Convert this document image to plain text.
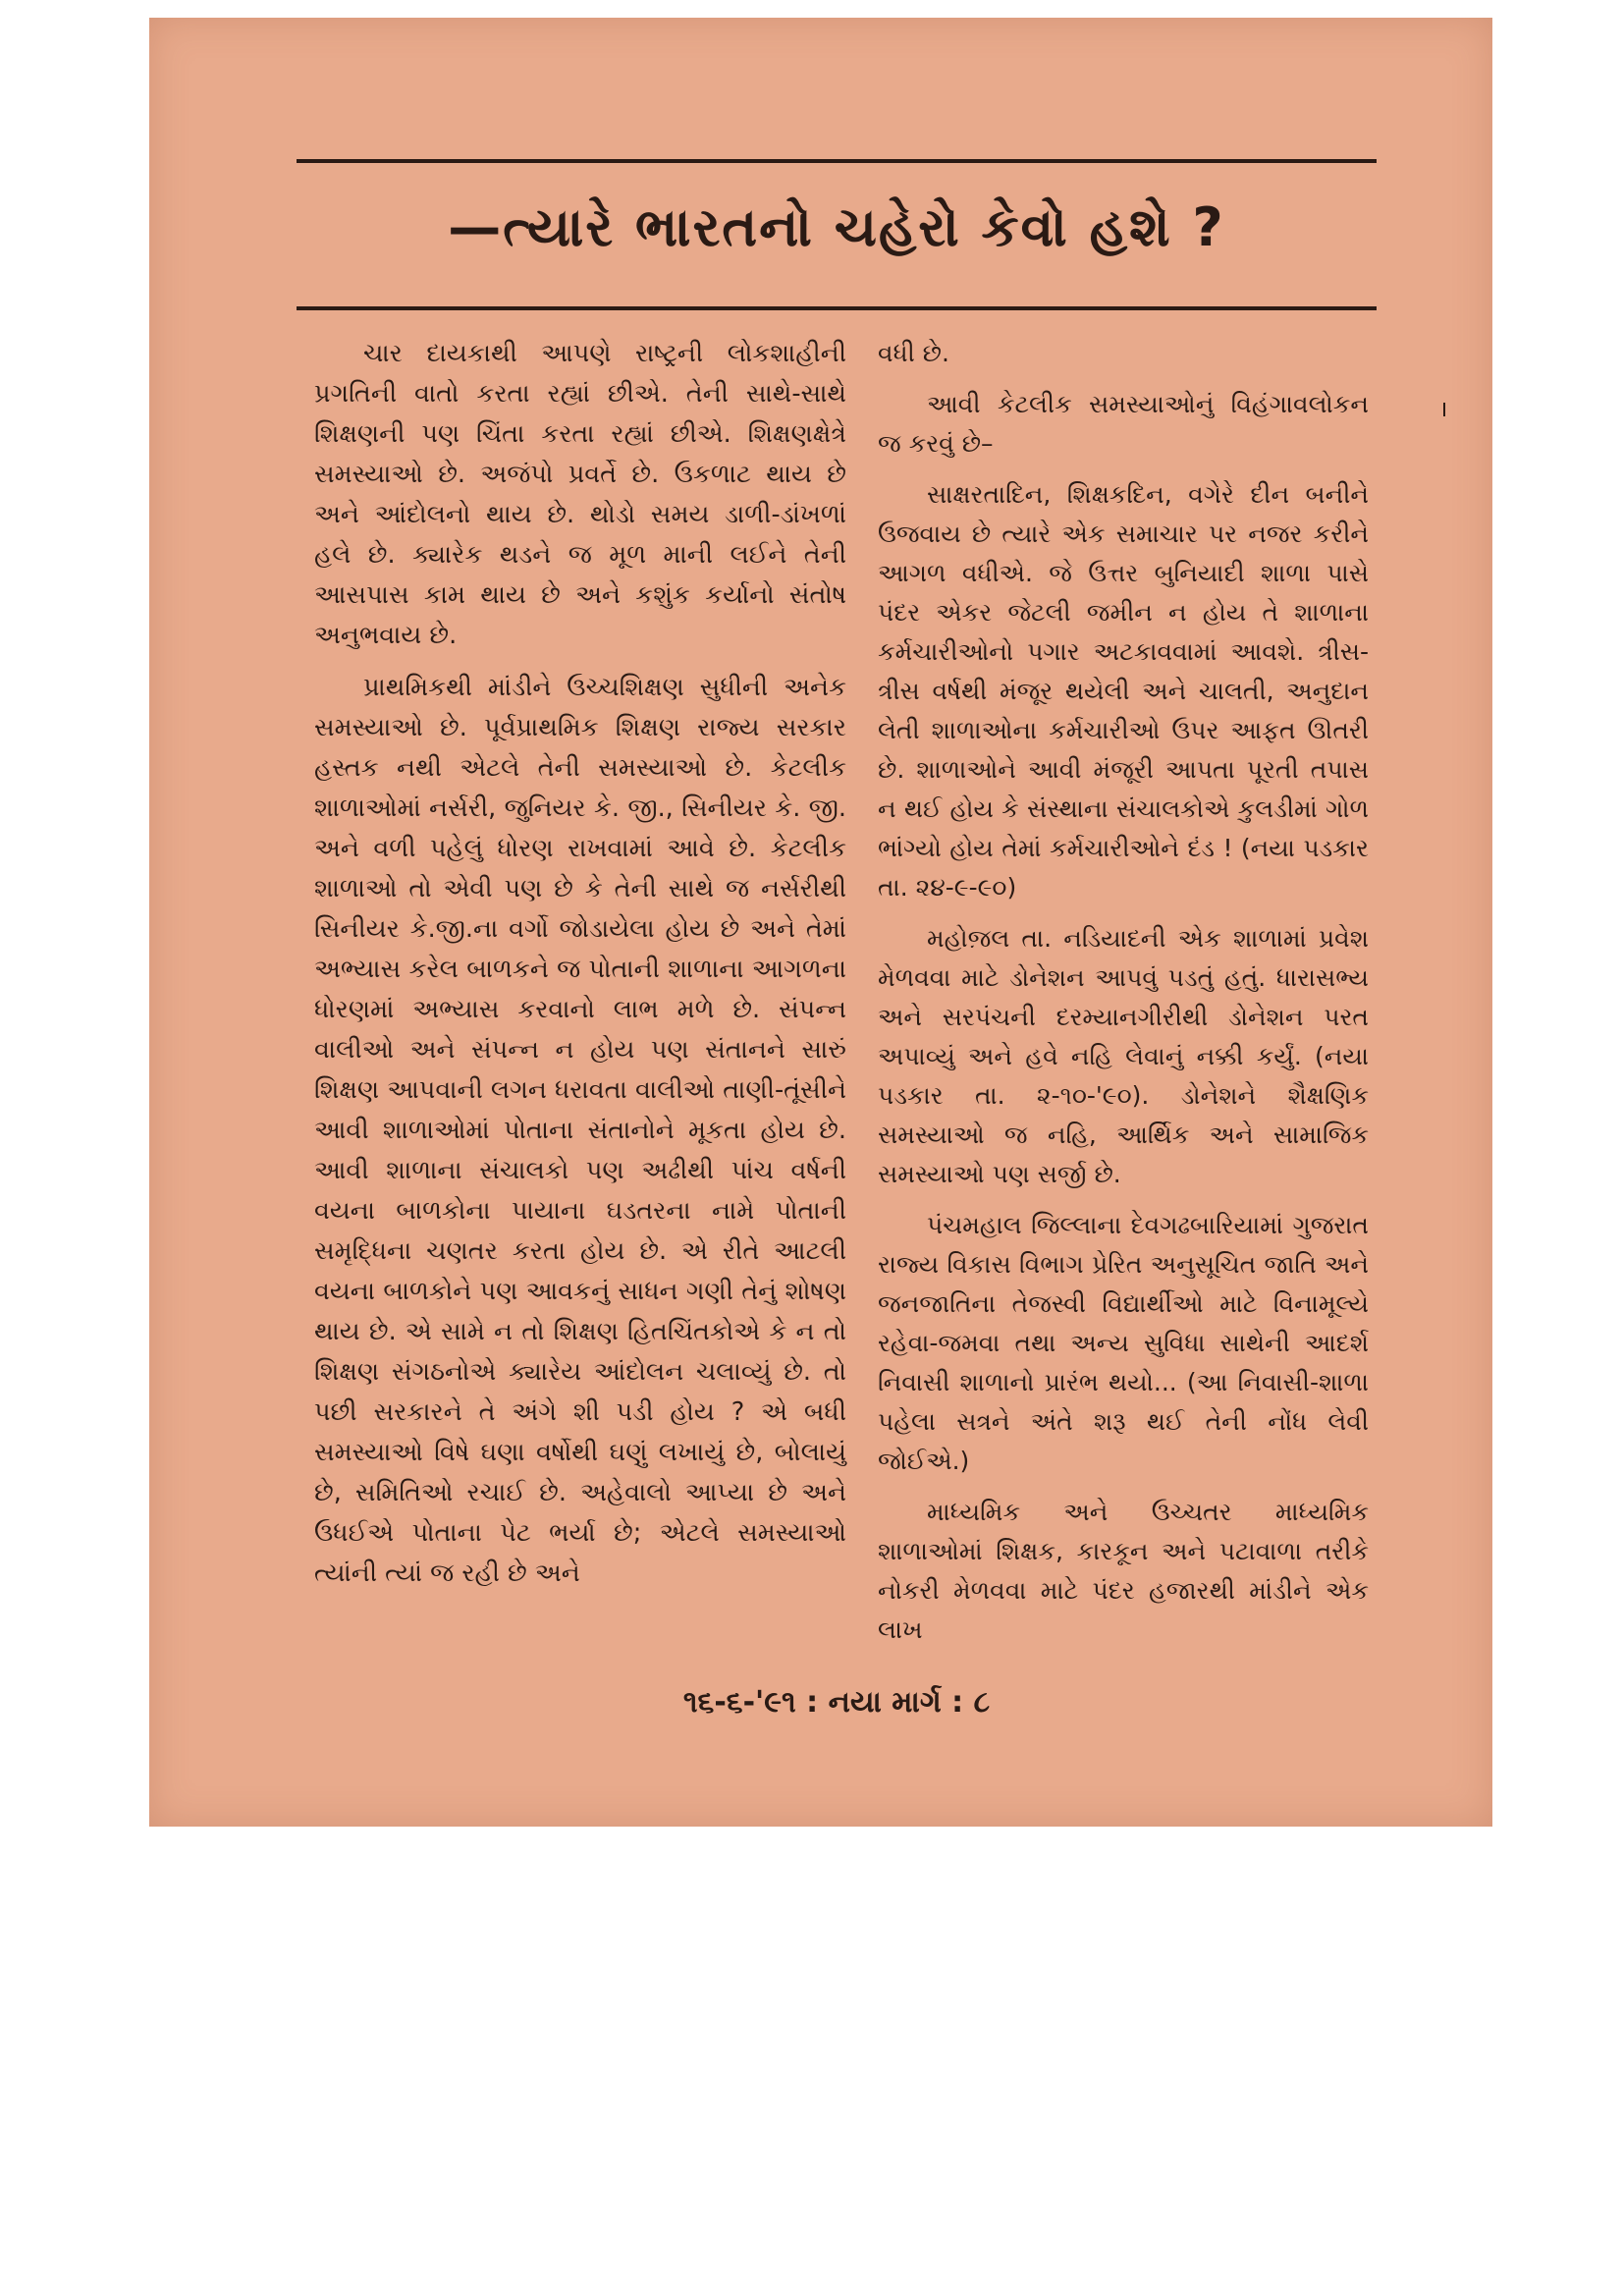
—ત્યારે ભારતનો ચહેરો કેવો હશે ?

ચાર દાયકાથી આપણે રાષ્ટ્રની લોકશાહીની પ્રગતિની વાતો કરતા રહ્યાં છીએ. તેની સાથે-સાથે શિક્ષણની પણ ચિંતા કરતા રહ્યાં છીએ. શિક્ષણક્ષેત્રે સમસ્યાઓ છે. અજંપો પ્રવર્તે છે. ઉકળાટ થાય છે અને આંદોલનો થાય છે. થોડો સમય ડાળી-ડાંખળાં હલે છે. ક્યારેક થડને જ મૂળ માની લઈને તેની આસપાસ કામ થાય છે અને કશુંક કર્યાનો સંતોષ અનુભવાય છે.

પ્રાથમિકથી માંડીને ઉચ્ચશિક્ષણ સુધીની અનેક સમસ્યાઓ છે. પૂર્વપ્રાથમિક શિક્ષણ રાજ્ય સરકાર હસ્તક નથી એટલે તેની સમસ્યાઓ છે. કેટલીક શાળાઓમાં નર્સરી, જુનિયર કે. જી., સિનીયર કે. જી. અને વળી પહેલું ધોરણ રાખવામાં આવે છે. કેટલીક શાળાઓ તો એવી પણ છે કે તેની સાથે જ નર્સરીથી સિનીયર કે.જી.ના વર્ગો જોડાયેલા હોય છે અને તેમાં અભ્યાસ કરેલ બાળકને જ પોતાની શાળાના આગળના ધોરણમાં અભ્યાસ કરવાનો લાભ મળે છે. સંપન્ન વાલીઓ અને સંપન્ન ન હોય પણ સંતાનને સારું શિક્ષણ આપવાની લગન ધરાવતા વાલીઓ તાણી-તૂંસીને આવી શાળાઓમાં પોતાના સંતાનોને મૂકતા હોય છે. આવી શાળાના સંચાલકો પણ અઢીથી પાંચ વર્ષની વયના બાળકોના પાયાના ઘડતરના નામે પોતાની સમૃદ્ધિના ચણતર કરતા હોય છે. એ રીતે આટલી વયના બાળકોને પણ આવકનું સાધન ગણી તેનું શોષણ થાય છે. એ સામે ન તો શિક્ષણ હિતચિંતકોએ કે ન તો શિક્ષણ સંગઠનોએ ક્યારેય આંદોલન ચલાવ્યું છે. તો પછી સરકારને તે અંગે શી પડી હોય ? એ બધી સમસ્યાઓ વિષે ઘણા વર્ષોથી ઘણું લખાયું છે, બોલાયું છે, સમિતિઓ રચાઈ છે. અહેવાલો આપ્યા છે અને ઉધઈએ પોતાના પેટ ભર્યા છે; એટલે સમસ્યાઓ ત્યાંની ત્યાં જ રહી છે અને

વધી છે.

આવી કેટલીક સમસ્યાઓનું વિહંગાવલોકન જ કરવું છે–

સાક્ષરતાદિન, શિક્ષકદિન, વગેરે દીન બનીને ઉજવાય છે ત્યારે એક સમાચાર પર નજર કરીને આગળ વધીએ. જે ઉત્તર બુનિયાદી શાળા પાસે પંદર એકર જેટલી જમીન ન હોય તે શાળાના કર્મચારીઓનો પગાર અટકાવવામાં આવશે. ત્રીસ-ત્રીસ વર્ષથી મંજૂર થયેલી અને ચાલતી, અનુદાન લેતી શાળાઓના કર્મચારીઓ ઉપર આફત ઊતરી છે. શાળાઓને આવી મંજૂરી આપતા પૂરતી તપાસ ન થઈ હોય કે સંસ્થાના સંચાલકોએ કુલડીમાં ગોળ ભાંગ્યો હોય તેમાં કર્મચારીઓને દંડ ! (નયા પડકાર તા. ૨૪-૯-૯૦)

મહોજ઼લ તા. નડિયાદની એક શાળામાં પ્રવેશ મેળવવા માટે ડોનેશન આપવું પડતું હતું. ધારાસભ્ય અને સરપંચની દરમ્યાનગીરીથી ડોનેશન પરત અપાવ્યું અને હવે નહિ લેવાનું નક્કી કર્યું. (નયા પડકાર તા. ૨-૧૦-'૯૦). ડોનેશને શૈક્ષણિક સમસ્યાઓ જ નહિ, આર્થિક અને સામાજિક સમસ્યાઓ પણ સર્જી છે.

પંચમહાલ જિલ્લાના દેવગઢબારિયામાં ગુજરાત રાજ્ય વિકાસ વિભાગ પ્રેરિત અનુસૂચિત જાતિ અને જનજાતિના તેજસ્વી વિદ્યાર્થીઓ માટે વિનામૂલ્યે રહેવા-જમવા તથા અન્ય સુવિધા સાથેની આદર્શ નિવાસી શાળાનો પ્રારંભ થયો... (આ નિવાસી-શાળા પહેલા સત્રને અંતે શરૂ થઈ તેની નોંધ લેવી જોઈએ.)

માધ્યમિક અને ઉચ્ચતર માધ્યમિક શાળાઓમાં શિક્ષક, કારકૂન અને પટાવાળા તરીકે નોકરી મેળવવા માટે પંદર હજારથી માંડીને એક લાખ

૧૬-૬-'૯૧ : નયા માર્ગ : ૮
